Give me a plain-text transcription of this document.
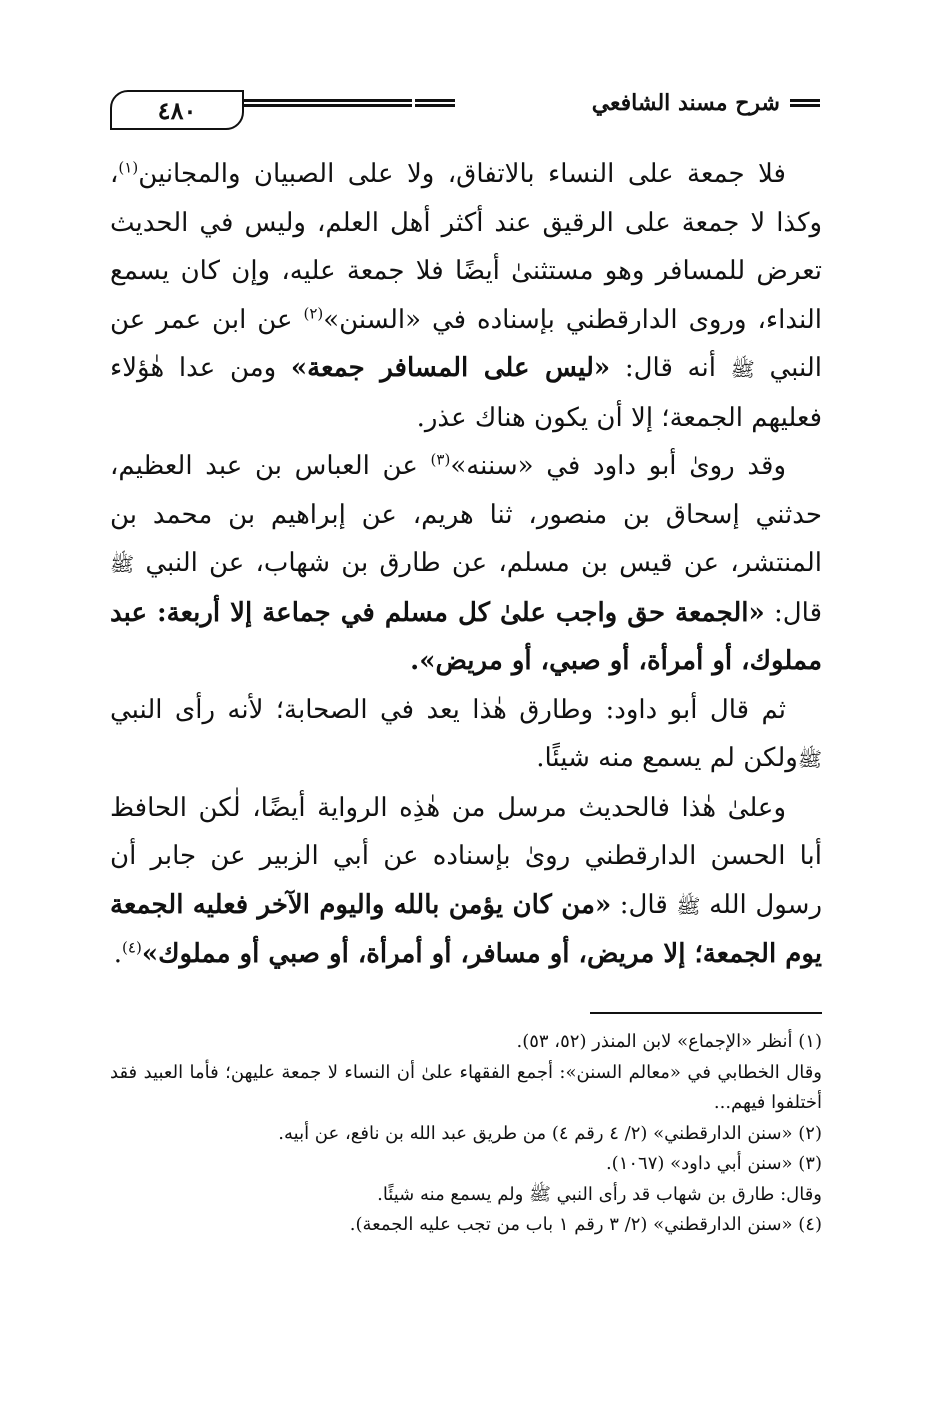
٤٨٠	شرح مسند الشافعي

فلا جمعة على النساء بالاتفاق، ولا على الصبيان والمجانين$^{(١)}$، وكذا لا جمعة على الرقيق عند أكثر أهل العلم، وليس في الحديث تعرض للمسافر وهو مستثنىٰ أيضًا فلا جمعة عليه، وإن كان يسمع النداء، وروى الدارقطني بإسناده في «السنن»$^{(٢)}$ عن ابن عمر عن النبي ﷺ أنه قال: «ليس على المسافر جمعة» ومن عدا هٰؤلاء فعليهم الجمعة؛ إلا أن يكون هناك عذر.

وقد روىٰ أبو داود في «سننه»$^{(٣)}$ عن العباس بن عبد العظيم، حدثني إسحاق بن منصور، ثنا هريم، عن إبراهيم بن محمد بن المنتشر، عن قيس بن مسلم، عن طارق بن شهاب، عن النبي ﷺ قال: «الجمعة حق واجب علىٰ كل مسلم في جماعة إلا أربعة: عبد مملوك، أو أمرأة، أو صبي، أو مريض».

ثم قال أبو داود: وطارق هٰذا يعد في الصحابة؛ لأنه رأى النبي ﷺولكن لم يسمع منه شيئًا.

وعلىٰ هٰذا فالحديث مرسل من هٰذِه الرواية أيضًا، لٰكن الحافظ أبا الحسن الدارقطني روىٰ بإسناده عن أبي الزبير عن جابر أن رسول الله ﷺ قال: «من كان يؤمن بالله واليوم الآخر فعليه الجمعة يوم الجمعة؛ إلا مريض، أو مسافر، أو أمرأة، أو صبي أو مملوك»$^{(٤)}$.

(١) أنظر «الإجماع» لابن المنذر (٥٢، ٥٣).

وقال الخطابي في «معالم السنن»: أجمع الفقهاء علىٰ أن النساء لا جمعة عليهن؛ فأما العبيد فقد أختلفوا فيهم...

(٢) «سنن الدارقطني» (٢/ ٤ رقم ٤) من طريق عبد الله بن نافع، عن أبيه.

(٣) «سنن أبي داود» (١٠٦٧).

وقال: طارق بن شهاب قد رأى النبي ﷺ ولم يسمع منه شيئًا.

(٤) «سنن الدارقطني» (٢/ ٣ رقم ١ باب من تجب عليه الجمعة).
